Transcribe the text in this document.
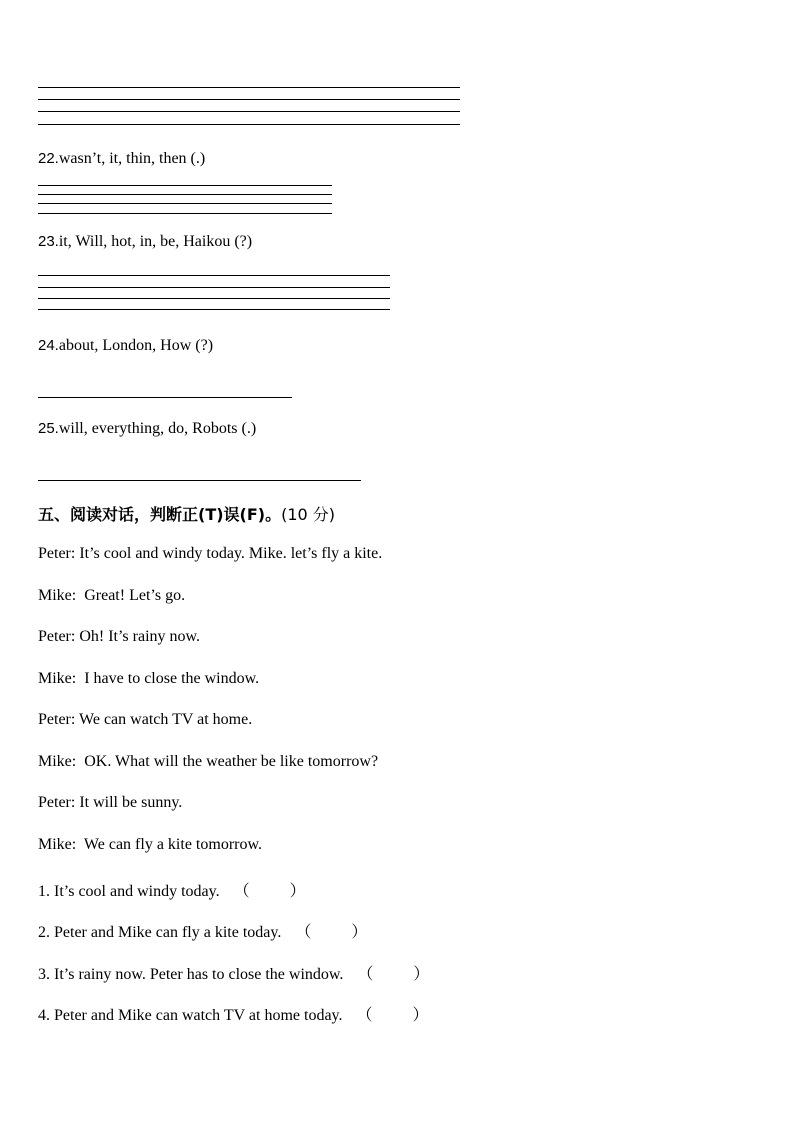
22.wasn’t, it, thin, then (.)
23.it, Will, hot, in, be, Haikou (?)
24.about, London, How (?)
25.will, everything, do, Robots (.)
五、阅读对话，判断正(T)误(F)。(10 分)
Peter: It’s cool and windy today. Mike. let’s fly a kite.
Mike:  Great! Let’s go.
Peter: Oh! It’s rainy now.
Mike:  I have to close the window.
Peter: We can watch TV at home.
Mike:  OK. What will the weather be like tomorrow?
Peter: It will be sunny.
Mike:  We can fly a kite tomorrow.
1. It’s cool and windy today. （          ）
2. Peter and Mike can fly a kite today. （          ）
3. It’s rainy now. Peter has to close the window. （          ）
4. Peter and Mike can watch TV at home today. （          ）
